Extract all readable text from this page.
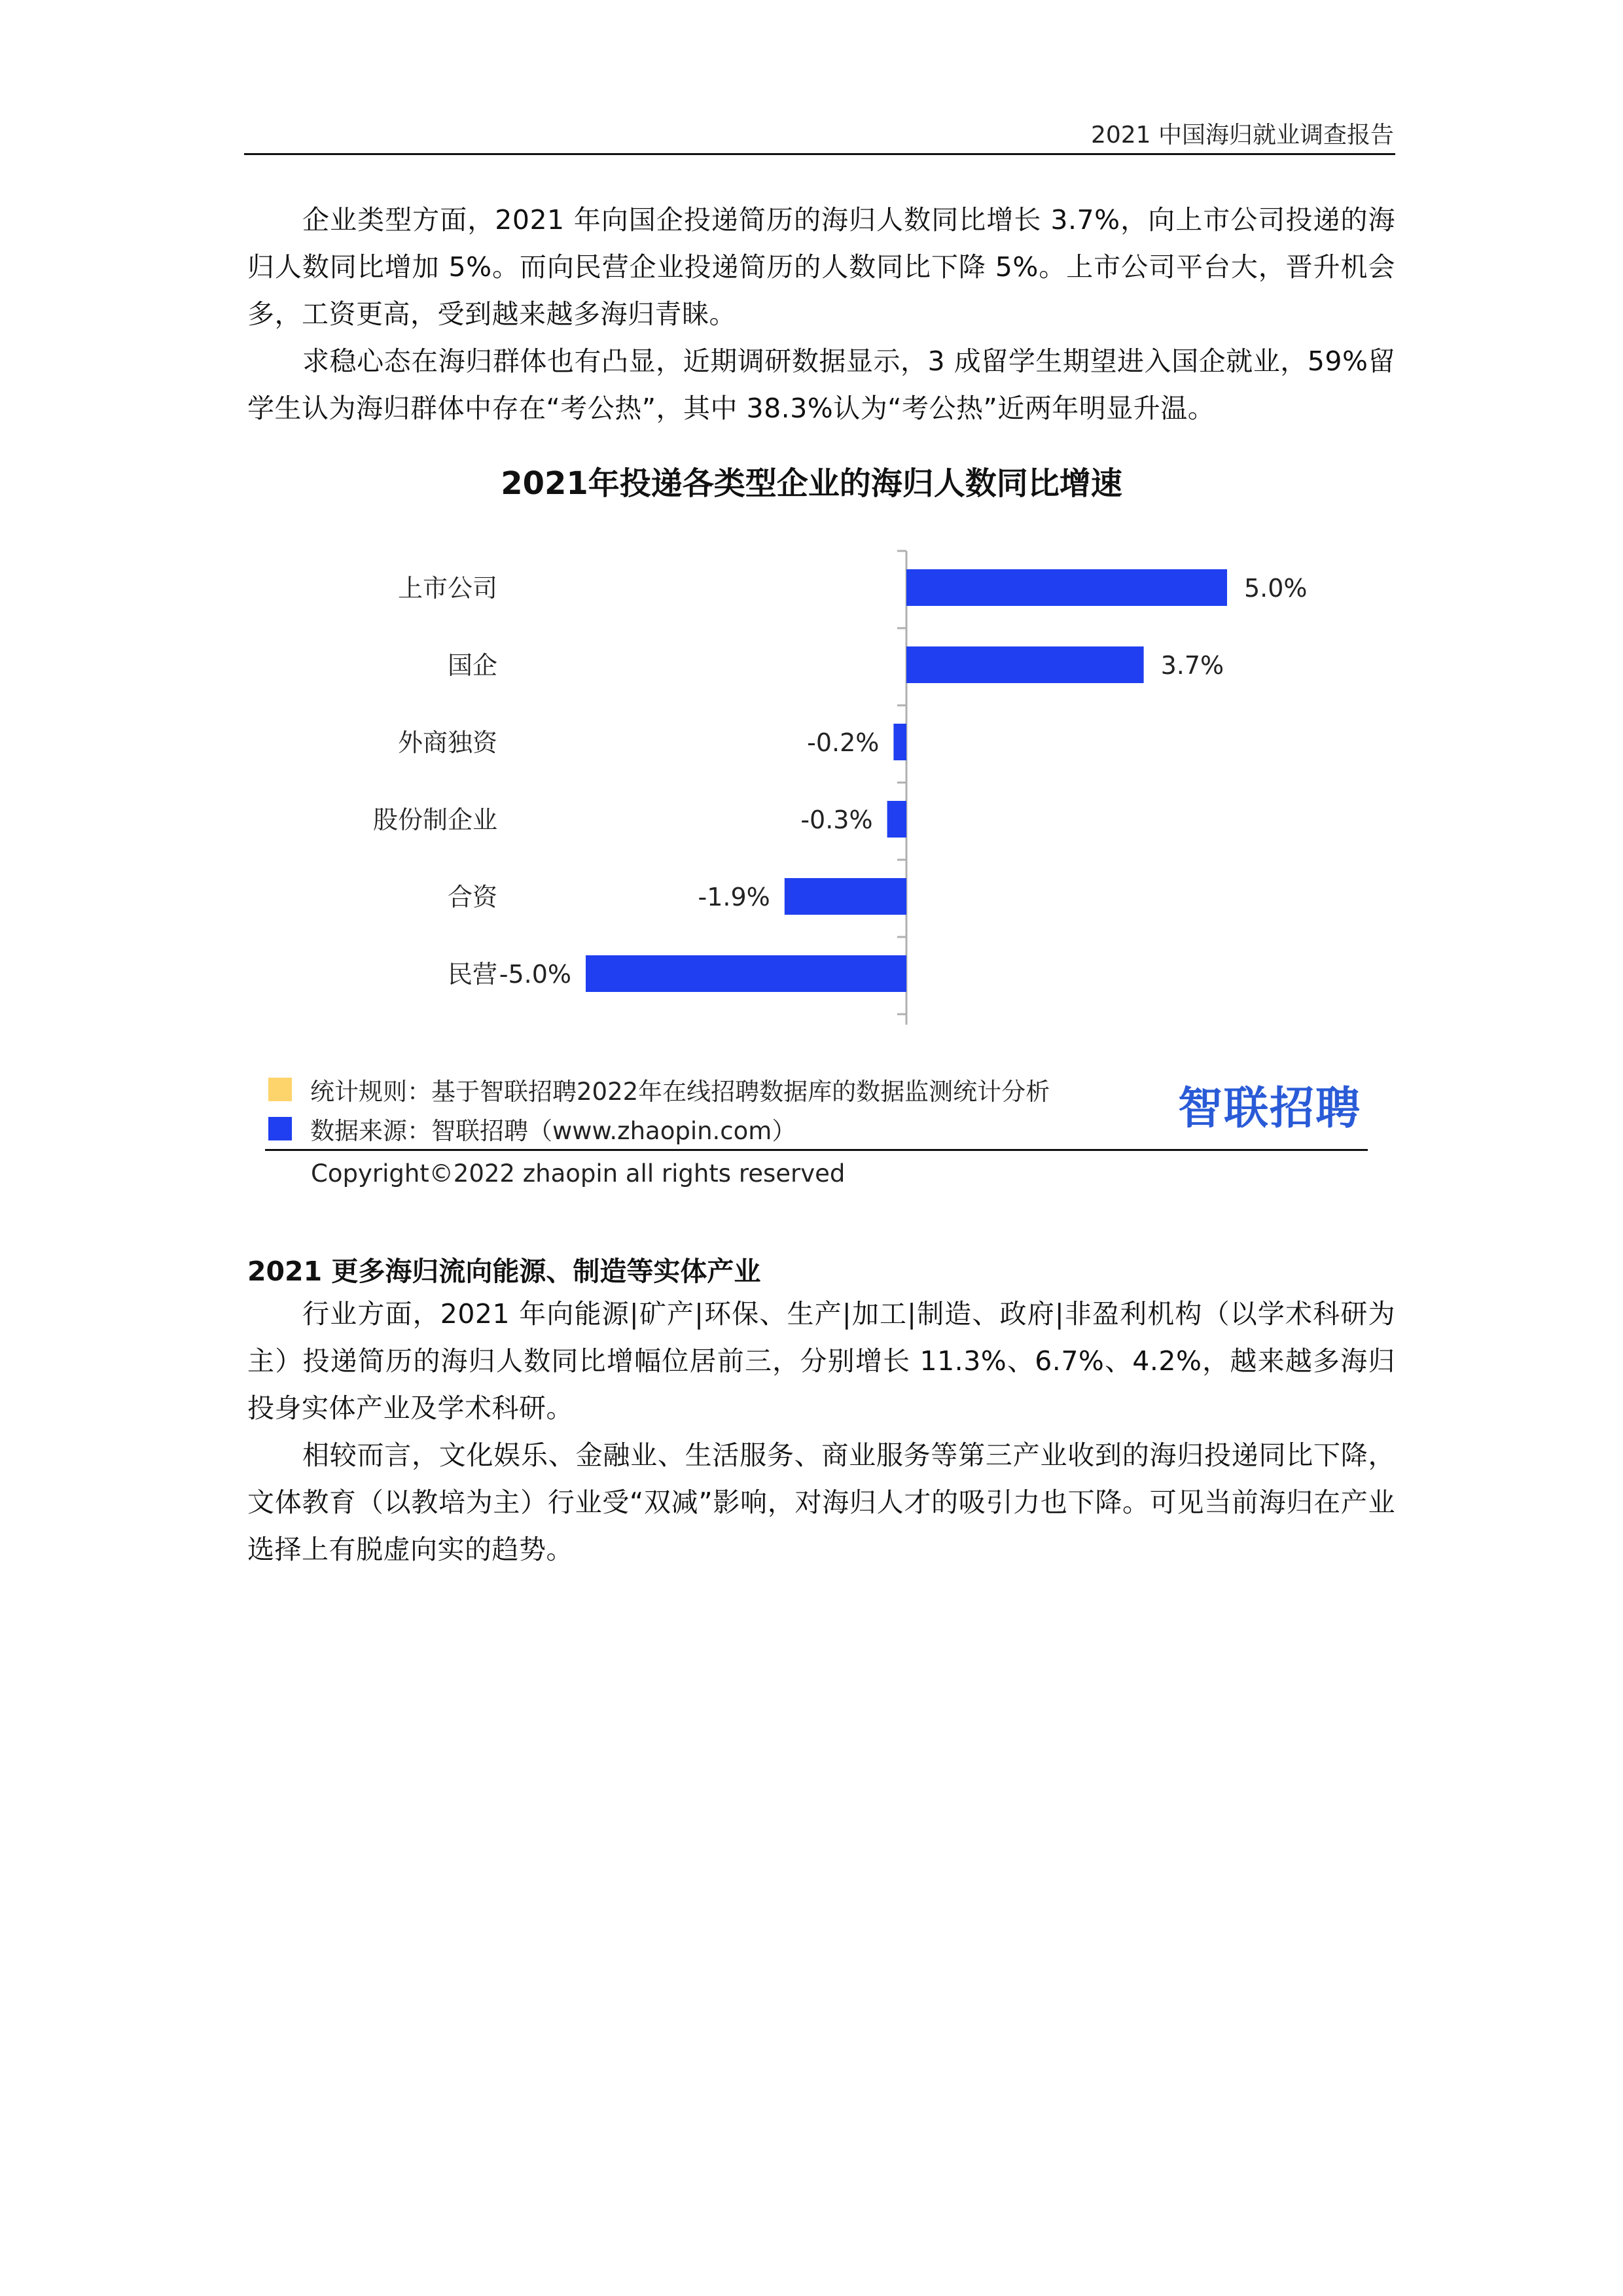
2021 中国海归就业调查报告

企业类型方面，2021 年向国企投递简历的海归人数同比增长 3.7%，向上市公司投递的海归人数同比增加 5%。而向民营企业投递简历的人数同比下降 5%。上市公司平台大，晋升机会多，工资更高，受到越来越多海归青睐。

求稳心态在海归群体也有凸显，近期调研数据显示，3 成留学生期望进入国企就业，59%留学生认为海归群体中存在“考公热”，其中 38.3%认为“考公热”近两年明显升温。

2021年投递各类型企业的海归人数同比增速
上市公司	5.0%
国企	3.7%
外商独资	-0.2%
股份制企业	-0.3%
合资	-1.9%
民营 -5.0%
统计规则：基于智联招聘2022年在线招聘数据库的数据监测统计分析
数据来源：智联招聘（www.zhaopin.com）	智联招聘
Copyright©2022 zhaopin all rights reserved
2021 更多海归流向能源、制造等实体产业

行业方面，2021 年向能源|矿产|环保、生产|加工|制造、政府|非盈利机构（以学术科研为主）投递简历的海归人数同比增幅位居前三，分别增长 11.3%、6.7%、4.2%，越来越多海归投身实体产业及学术科研。

相较而言，文化娱乐、金融业、生活服务、商业服务等第三产业收到的海归投递同比下降，文体教育（以教培为主）行业受“双减”影响，对海归人才的吸引力也下降。可见当前海归在产业选择上有脱虚向实的趋势。
